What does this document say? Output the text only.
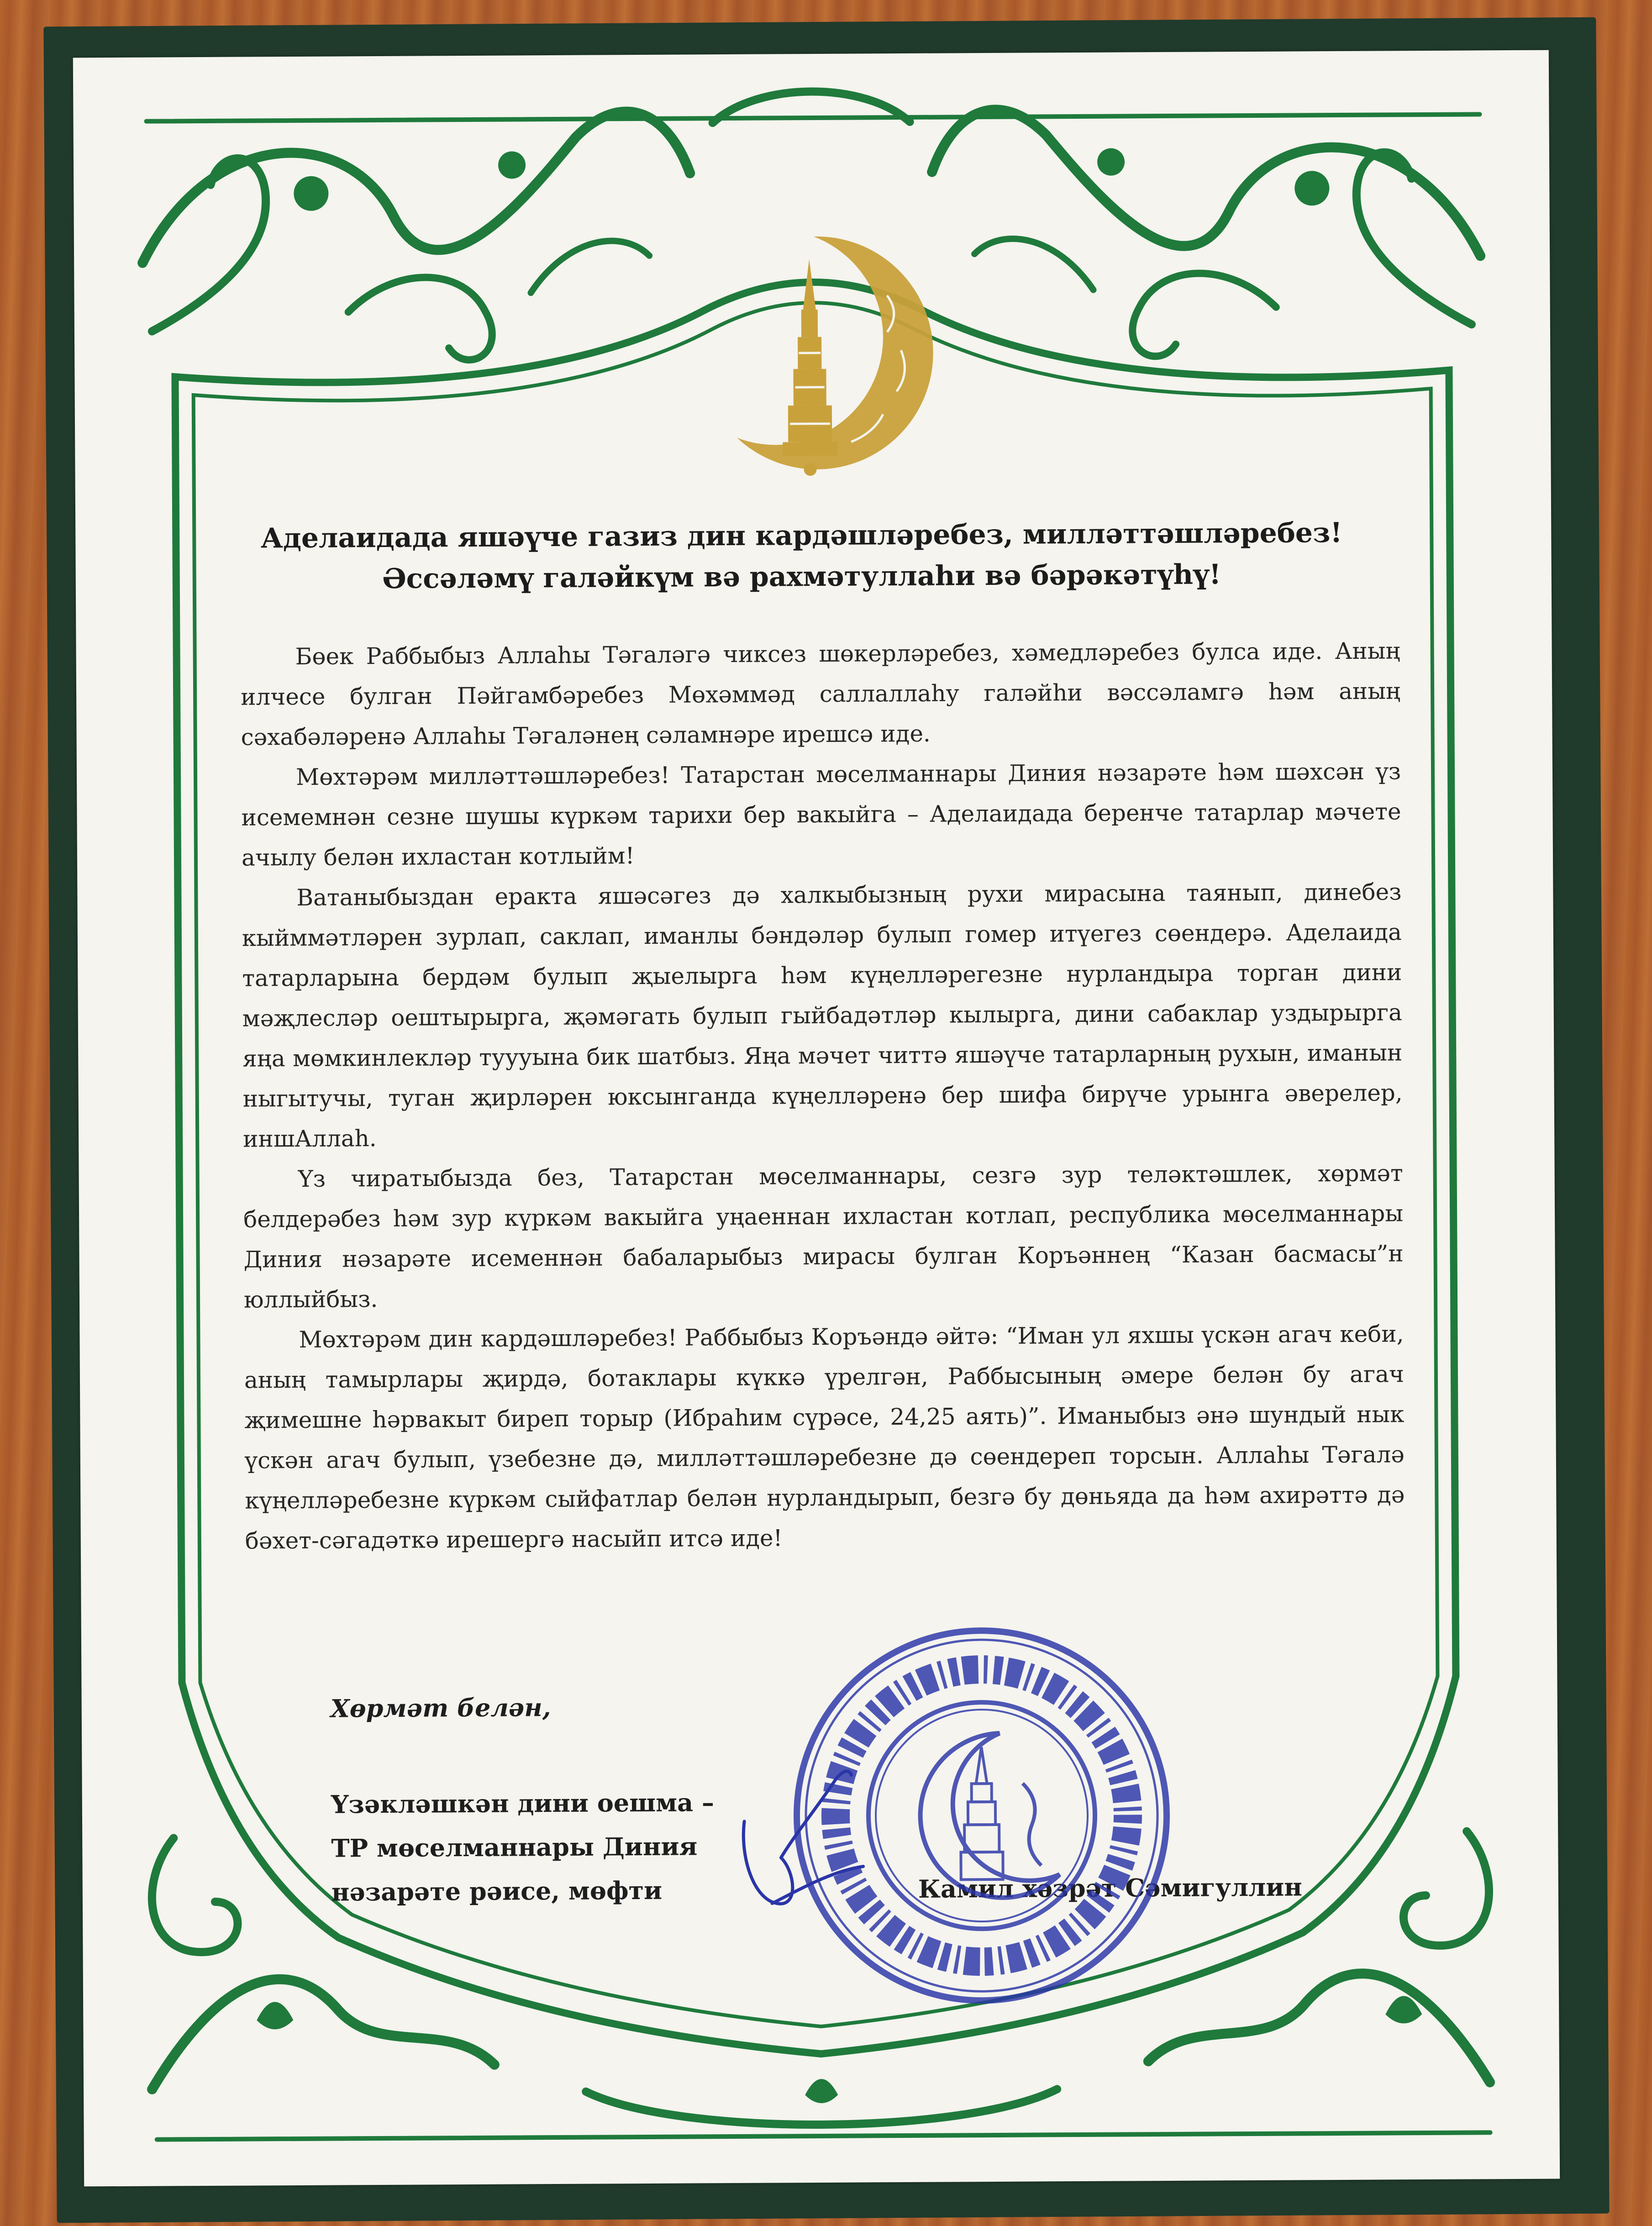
Аделаидада яшәүче газиз дин кардәшләребез, милләттәшләребез!
Әссәләмү галәйкүм вә рахмәтуллаһи вә бәрәкәтүһү!

Бөек Раббыбыз Аллаһы Тәгаләгә чиксез шөкерләребез, хәмедләребез булса иде. Аның илчесе булган Пәйгамбәребез Мөхәммәд саллаллаһу галәйһи вәссәламгә һәм аның сәхабәләренә Аллаһы Тәгаләнең сәламнәре ирешсә иде.

Мөхтәрәм милләттәшләребез! Татарстан мөселманнары Диния нәзарәте һәм шәхсән үз исемемнән сезне шушы күркәм тарихи бер вакыйга – Аделаидада беренче татарлар мәчете ачылу белән ихластан котлыйм!

Ватаныбыздан еракта яшәсәгез дә халкыбызның рухи мирасына таянып, динебез кыйммәтләрен зурлап, саклап, иманлы бәндәләр булып гомер итүегез сөендерә. Аделаида татарларына бердәм булып җыелырга һәм күңелләрегезне нурландыра торган дини мәҗлесләр оештырырга, җәмәгать булып гыйбадәтләр кылырга, дини сабаклар уздырырга яңа мөмкинлекләр туууына бик шатбыз. Яңа мәчет читтә яшәүче татарларның рухын, иманын ныгытучы, туган җирләрен юксынганда күңелләренә бер шифа бирүче урынга әверелер, иншАллаһ.

Үз чиратыбызда без, Татарстан мөселманнары, сезгә зур теләктәшлек, хөрмәт белдерәбез һәм зур күркәм вакыйга уңаеннан ихластан котлап, республика мөселманнары Диния нәзарәте исеменнән бабаларыбыз мирасы булган Коръәннең “Казан басмасы”н юллыйбыз.

Мөхтәрәм дин кардәшләребез! Раббыбыз Коръәндә әйтә: “Иман ул яхшы үскән агач кеби, аның тамырлары җирдә, ботаклары күккә үрелгән, Раббысының әмере белән бу агач җимешне һәрвакыт биреп торыр (Ибраһим сүрәсе, 24,25 аять)”. Иманыбыз әнә шундый нык үскән агач булып, үзебезне дә, милләттәшләребезне дә сөендереп торсын. Аллаһы Тәгалә күңелләребезне күркәм сыйфатлар белән нурландырып, безгә бу дөньяда да һәм ахирәттә дә бәхет-сәгадәткә ирешергә насыйп итсә иде!

Хөрмәт белән,
Үзәкләшкән дини оешма –
ТР мөселманнары Диния
нәзарәте рәисе, мөфти	Камил хәзрәт Сәмигуллин
